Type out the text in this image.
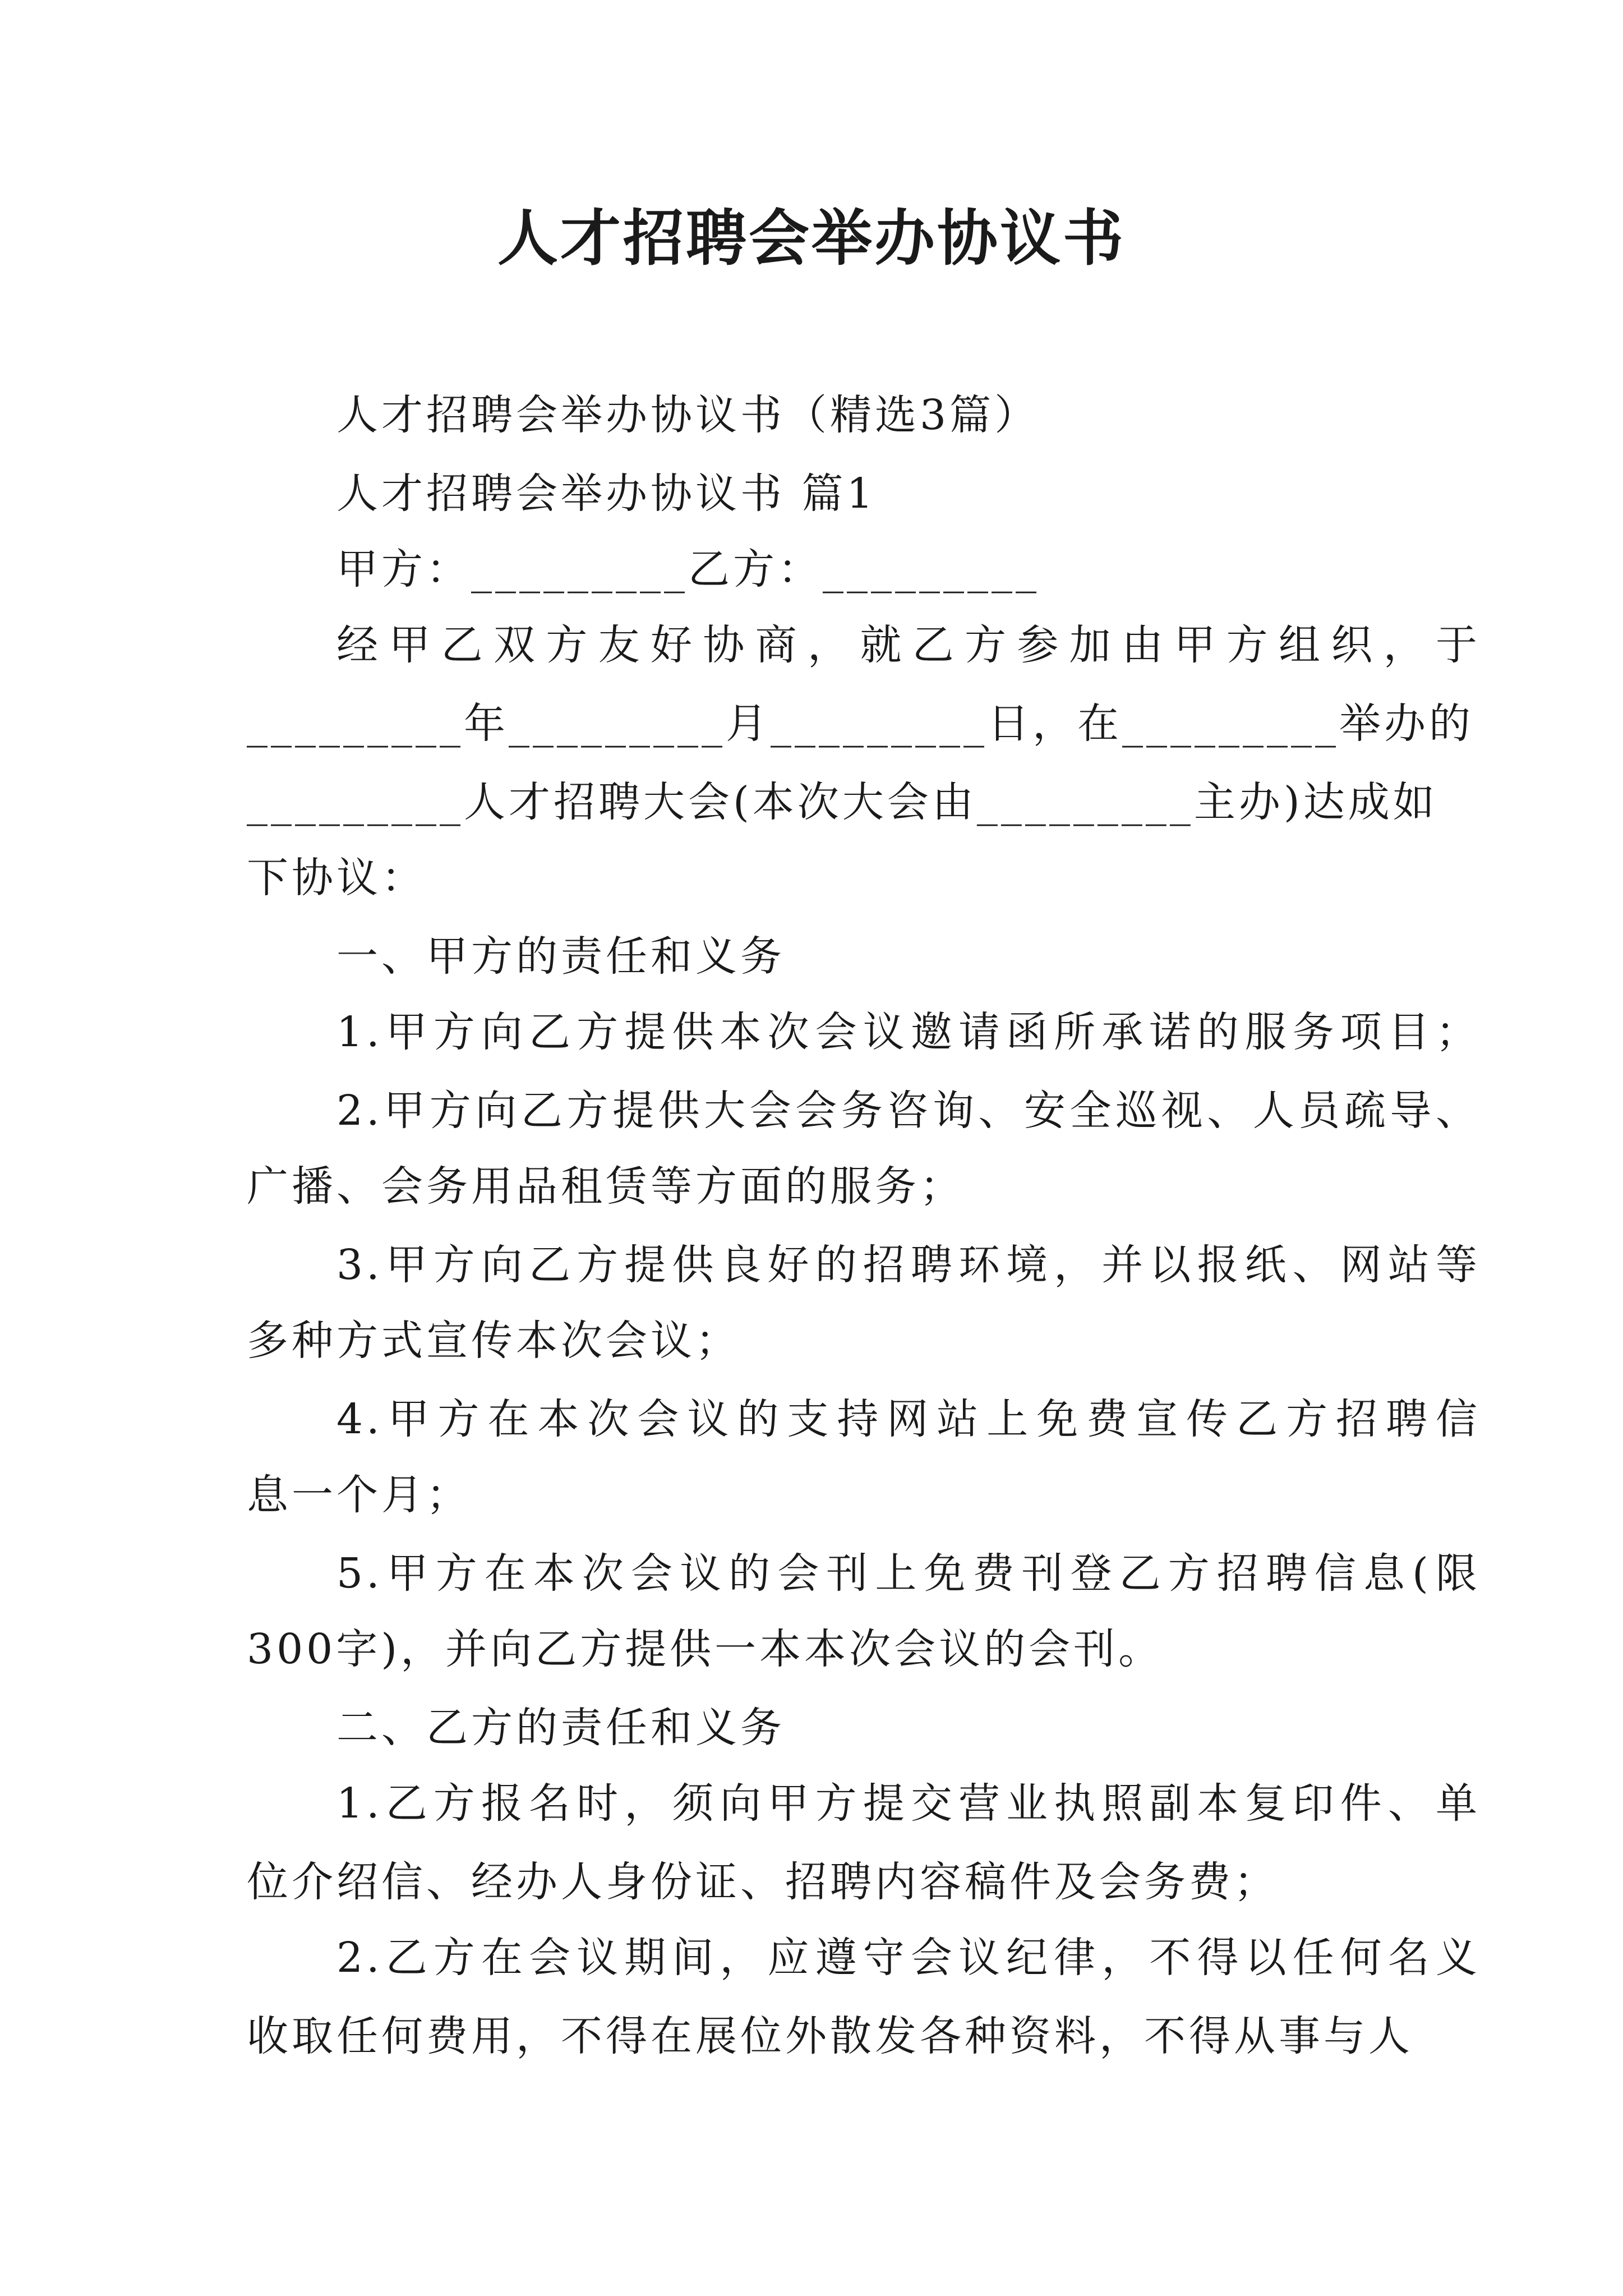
人才招聘会举办协议书
人才招聘会举办协议书（精选3篇）
人才招聘会举办协议书 篇1
甲方：_________乙方：_________
经甲乙双方友好协商，就乙方参加由甲方组织，于
_________年_________月_________日，在_________举办的
_________人才招聘大会(本次大会由_________主办)达成如
下协议：
一、甲方的责任和义务
1.甲方向乙方提供本次会议邀请函所承诺的服务项目；
2.甲方向乙方提供大会会务咨询、安全巡视、人员疏导、
广播、会务用品租赁等方面的服务；
3.甲方向乙方提供良好的招聘环境，并以报纸、网站等
多种方式宣传本次会议；
4.甲方在本次会议的支持网站上免费宣传乙方招聘信
息一个月；
5.甲方在本次会议的会刊上免费刊登乙方招聘信息(限
300字)，并向乙方提供一本本次会议的会刊。
二、乙方的责任和义务
1.乙方报名时，须向甲方提交营业执照副本复印件、单
位介绍信、经办人身份证、招聘内容稿件及会务费；
2.乙方在会议期间，应遵守会议纪律，不得以任何名义
收取任何费用，不得在展位外散发各种资料，不得从事与人
